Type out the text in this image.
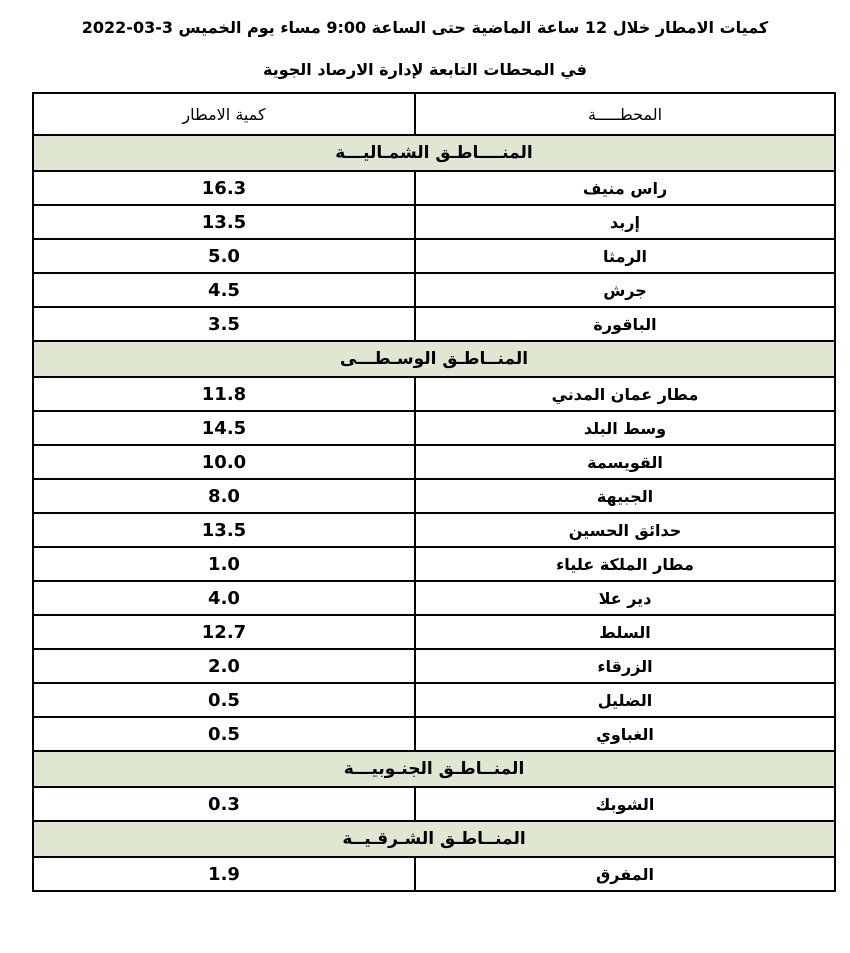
كميات الامطار خلال 12 ساعة الماضية حتى الساعة 9:00 مساء يوم الخميس 3-03-2022
في المحطات التابعة لإدارة الارصاد الجوية
المحطـــــة	كمية الامطار
المنــــاطـق الشمـاليـــة	
راس منيف	16.3
إربد	13.5
الرمثا	5.0
جرش	4.5
الباقورة	3.5
المنــاطـق الوسـطـــى	
مطار عمان المدني	11.8
وسط البلد	14.5
القويسمة	10.0
الجبيهة	8.0
حدائق الحسين	13.5
مطار الملكة علياء	1.0
دير علا	4.0
السلط	12.7
الزرقاء	2.0
الضليل	0.5
الغباوي	0.5
المنــاطـق الجنـوبيـــة	
الشوبك	0.3
المنــاطـق الشـرقـيــة	
المفرق	1.9
